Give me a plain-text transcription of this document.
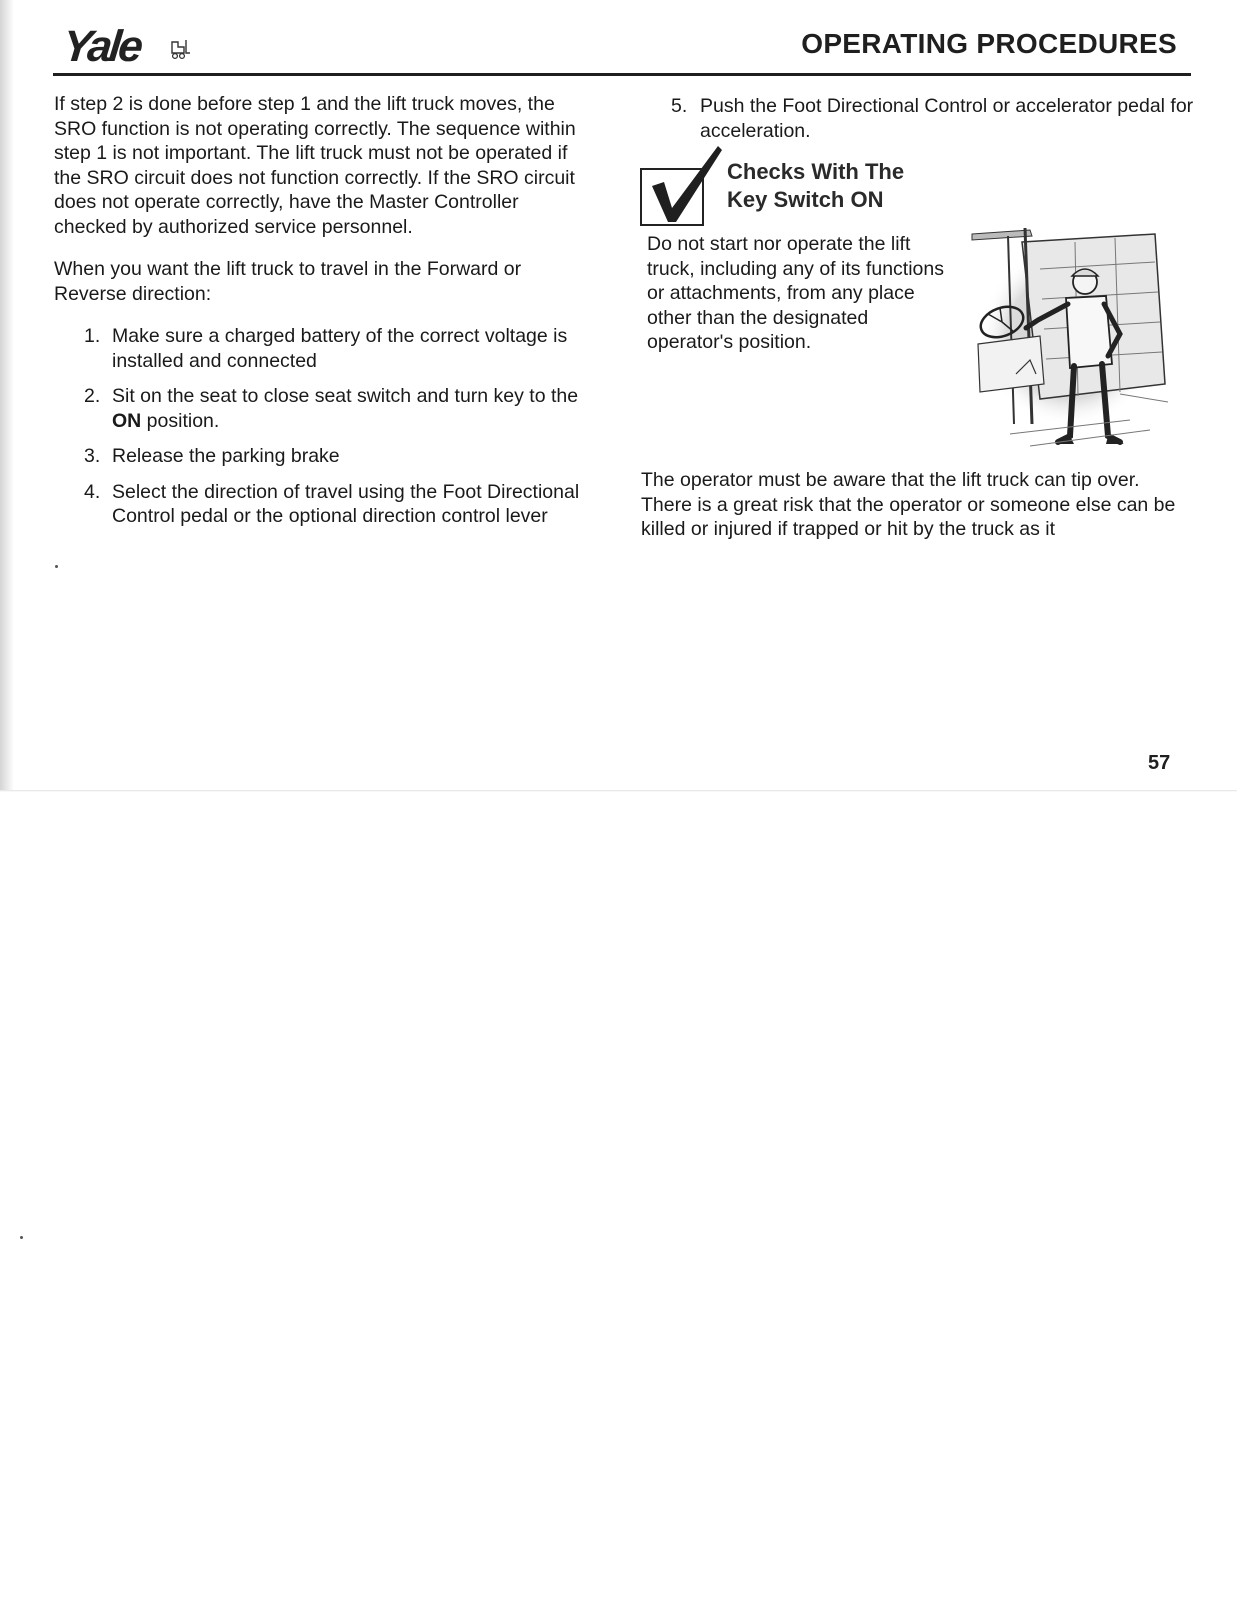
Yale	OPERATING PROCEDURES

If step 2 is done before step 1 and the lift truck moves, the SRO function is not operating correctly. The sequence within step 1 is not important. The lift truck must not be operated if the SRO circuit does not function correctly. If the SRO circuit does not operate correctly, have the Master Controller checked by authorized service personnel.

When you want the lift truck to travel in the Forward or Reverse direction:

1. Make sure a charged battery of the correct voltage is installed and connected
2. Sit on the seat to close seat switch and turn key to the ON position.
3. Release the parking brake
4. Select the direction of travel using the Foot Directional Control pedal or the optional direction control lever

5. Push the Foot Directional Control or accelerator pedal for acceleration.

Checks With The
Key Switch ON

Do not start nor operate the lift truck, including any of its functions or attachments, from any place other than the designated operator's position.

The operator must be aware that the lift truck can tip over. There is a great risk that the operator or someone else can be killed or injured if trapped or hit by the truck as it

57
